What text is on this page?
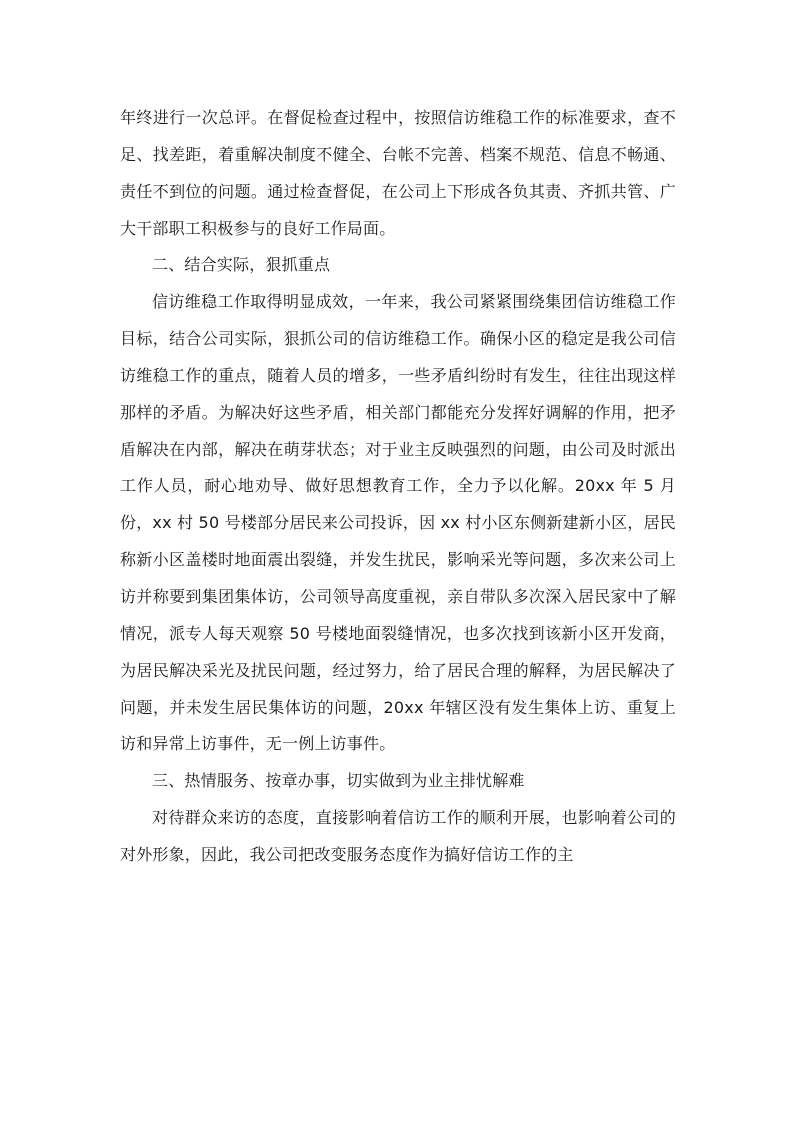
年终进行一次总评。在督促检查过程中，按照信访维稳工作的标准要求，查不足、找差距，着重解决制度不健全、台帐不完善、档案不规范、信息不畅通、责任不到位的问题。通过检查督促，在公司上下形成各负其责、齐抓共管、广大干部职工积极参与的良好工作局面。

二、结合实际，狠抓重点

信访维稳工作取得明显成效，一年来，我公司紧紧围绕集团信访维稳工作目标，结合公司实际，狠抓公司的信访维稳工作。确保小区的稳定是我公司信访维稳工作的重点，随着人员的增多，一些矛盾纠纷时有发生，往往出现这样那样的矛盾。为解决好这些矛盾，相关部门都能充分发挥好调解的作用，把矛盾解决在内部，解决在萌芽状态；对于业主反映强烈的问题，由公司及时派出工作人员，耐心地劝导、做好思想教育工作，全力予以化解。20xx 年 5 月份，xx 村 50 号楼部分居民来公司投诉，因 xx 村小区东侧新建新小区，居民称新小区盖楼时地面震出裂缝，并发生扰民，影响采光等问题，多次来公司上访并称要到集团集体访，公司领导高度重视，亲自带队多次深入居民家中了解情况，派专人每天观察 50 号楼地面裂缝情况，也多次找到该新小区开发商，为居民解决采光及扰民问题，经过努力，给了居民合理的解释，为居民解决了问题，并未发生居民集体访的问题，20xx 年辖区没有发生集体上访、重复上访和异常上访事件，无一例上访事件。

三、热情服务、按章办事，切实做到为业主排忧解难

对待群众来访的态度，直接影响着信访工作的顺利开展，也影响着公司的对外形象，因此，我公司把改变服务态度作为搞好信访工作的主
